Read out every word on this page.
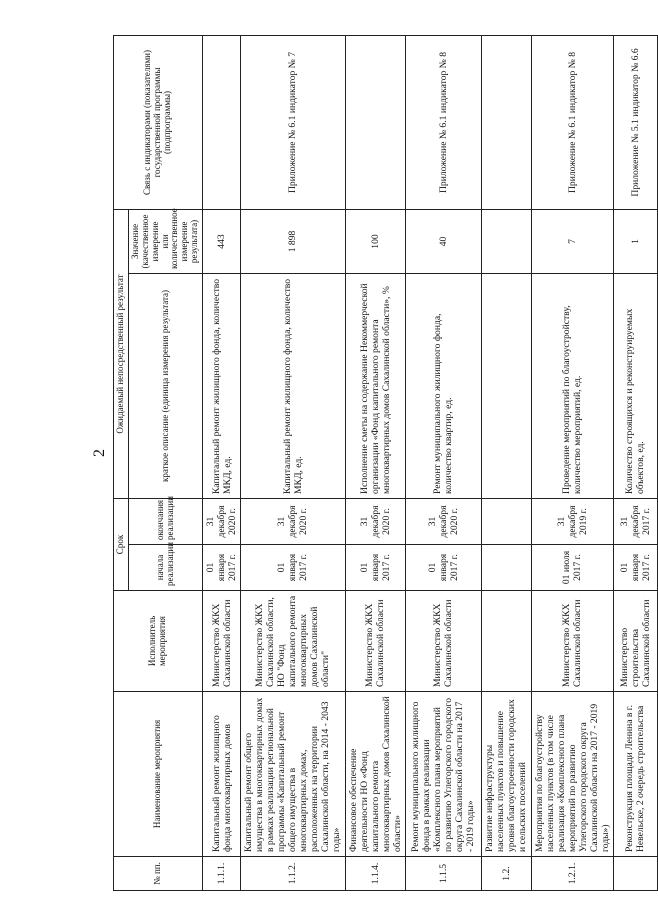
2
№ пп.	Наименование мероприятия	Исполнитель мероприятия	Срок		Ожидаемый непосредственный результат		Связь с индикаторами (показателями) государственной программы (подпрограммы)
			начала реализации	окончания реализации	краткое описание (единица измерения результата)	Значение (качественное измерение или количественное измерение результата)	
1.1.1.	Капитальный ремонт жилищного фонда многоквартирных домов	Министерство ЖКХ Сахалинской области	01 января 2017 г.	31 декабря 2020 г.	Капитальный ремонт жилищного фонда, количество МКД, ед.	443	
1.1.2.	Капитальный ремонт общего имущества в многоквартирных домах в рамках реализации региональной программы «Капитальный ремонт общего имущества в многоквартирных домах, расположенных на территории Сахалинской области, на 2014 - 2043 годы»	Министерство ЖКХ Сахалинской области, НО "Фонд капитального ремонта многоквартирных домов Сахалинской области"	01 января 2017 г.	31 декабря 2020 г.	Капитальный ремонт жилищного фонда, количество МКД, ед.	1 898	Приложение № 6.1 индикатор № 7
1.1.4.	Финансовое обеспечение деятельности НО «Фонд капитального ремонта многоквартирных домов Сахалинской области»	Министерство ЖКХ Сахалинской области	01 января 2017 г.	31 декабря 2020 г.	Исполнение сметы на содержание Некоммерческой организации «Фонд капитального ремонта многоквартирных домов Сахалинской области», %	100	
1.1.5	Ремонт муниципального жилищного фонда в рамках реализации «Комплексного плана мероприятий по развитию Углегорского городского округа Сахалинской области на 2017 - 2019 годы»	Министерство ЖКХ Сахалинской области	01 января 2017 г.	31 декабря 2020 г.	Ремонт муниципального жилищного фонда, количество квартир, ед.	40	Приложение № 6.1 индикатор № 8
1.2.	Развитие инфраструктуры населенных пунктов и повышение уровня благоустроенности городских и сельских поселений						
1.2.1.	Мероприятия по благоустройству населенных пунктов (в том числе реализация «Комплексного плана мероприятий по развитию Углегорского городского округа Сахалинской области на 2017 - 2019 годы»)	Министерство ЖКХ Сахалинской области	01 июля 2017 г.	31 декабря 2019 г.	Проведение мероприятий по благоустройству, количество мероприятий, ед.	7	Приложение № 6.1 индикатор № 8
	Реконструкция площади Ленина в г. Невельске, 2 очередь строительства	Министерство строительства Сахалинской области	01 января 2017 г.	31 декабря 2017 г.	Количество строящихся и реконструируемых объектов, ед.	1	Приложение № 5.1 индикатор № 6.6
